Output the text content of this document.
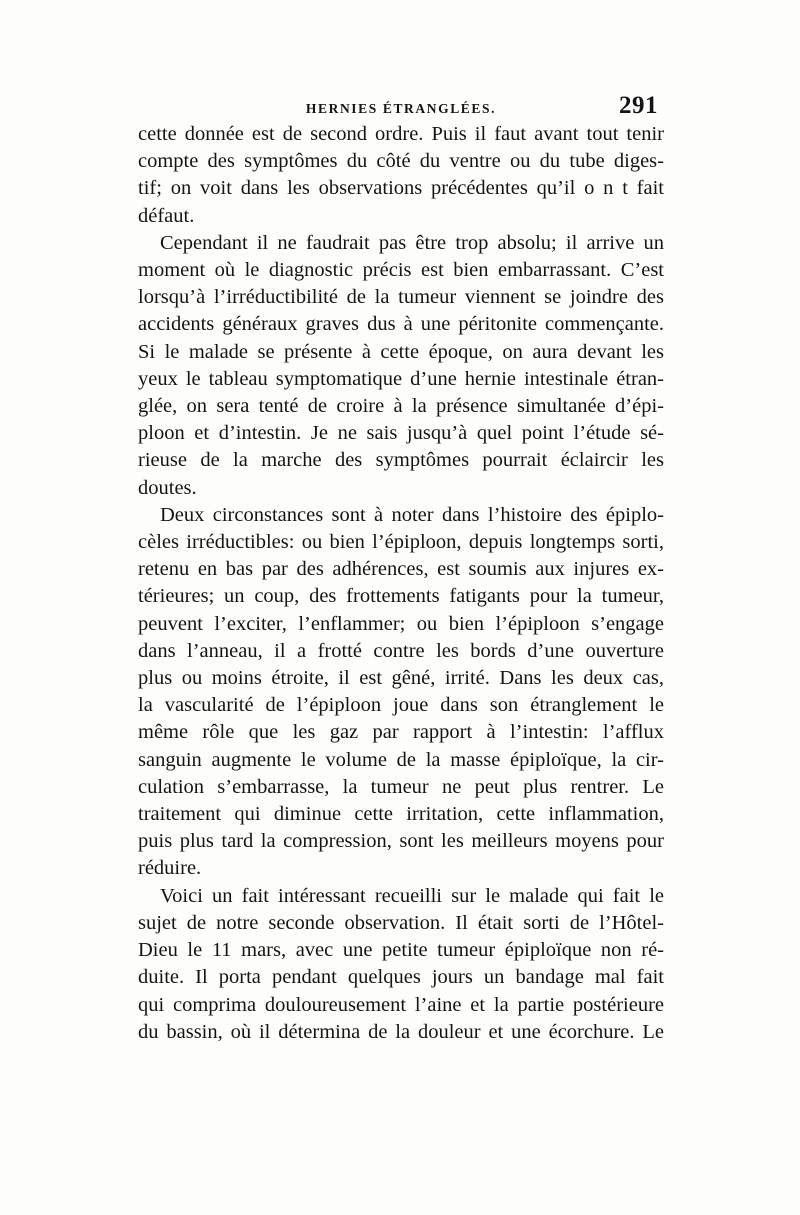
HERNIES ÉTRANGLÉES.	291

cette donnée est de second ordre. Puis il faut avant tout tenir
compte des symptômes du côté du ventre ou du tube diges-
tif; on voit dans les observations précédentes qu’il o n t fait
défaut.

Cependant il ne faudrait pas être trop absolu; il arrive un
moment où le diagnostic précis est bien embarrassant. C’est
lorsqu’à l’irréductibilité de la tumeur viennent se joindre des
accidents généraux graves dus à une péritonite commençante.
Si le malade se présente à cette époque, on aura devant les
yeux le tableau symptomatique d’une hernie intestinale étran-
glée, on sera tenté de croire à la présence simultanée d’épi-
ploon et d’intestin. Je ne sais jusqu’à quel point l’étude sé-
rieuse de la marche des symptômes pourrait éclaircir les
doutes.

Deux circonstances sont à noter dans l’histoire des épiplo-
cèles irréductibles: ou bien l’épiploon, depuis longtemps sorti,
retenu en bas par des adhérences, est soumis aux injures ex-
térieures; un coup, des frottements fatigants pour la tumeur,
peuvent l’exciter, l’enflammer; ou bien l’épiploon s’engage
dans l’anneau, il a frotté contre les bords d’une ouverture
plus ou moins étroite, il est gêné, irrité. Dans les deux cas,
la vascularité de l’épiploon joue dans son étranglement le
même rôle que les gaz par rapport à l’intestin: l’afflux
sanguin augmente le volume de la masse épiploïque, la cir-
culation s’embarrasse, la tumeur ne peut plus rentrer. Le
traitement qui diminue cette irritation, cette inflammation,
puis plus tard la compression, sont les meilleurs moyens pour
réduire.

Voici un fait intéressant recueilli sur le malade qui fait le
sujet de notre seconde observation. Il était sorti de l’Hôtel-
Dieu le 11 mars, avec une petite tumeur épiploïque non ré-
duite. Il porta pendant quelques jours un bandage mal fait
qui comprima douloureusement l’aine et la partie postérieure
du bassin, où il détermina de la douleur et une écorchure. Le
